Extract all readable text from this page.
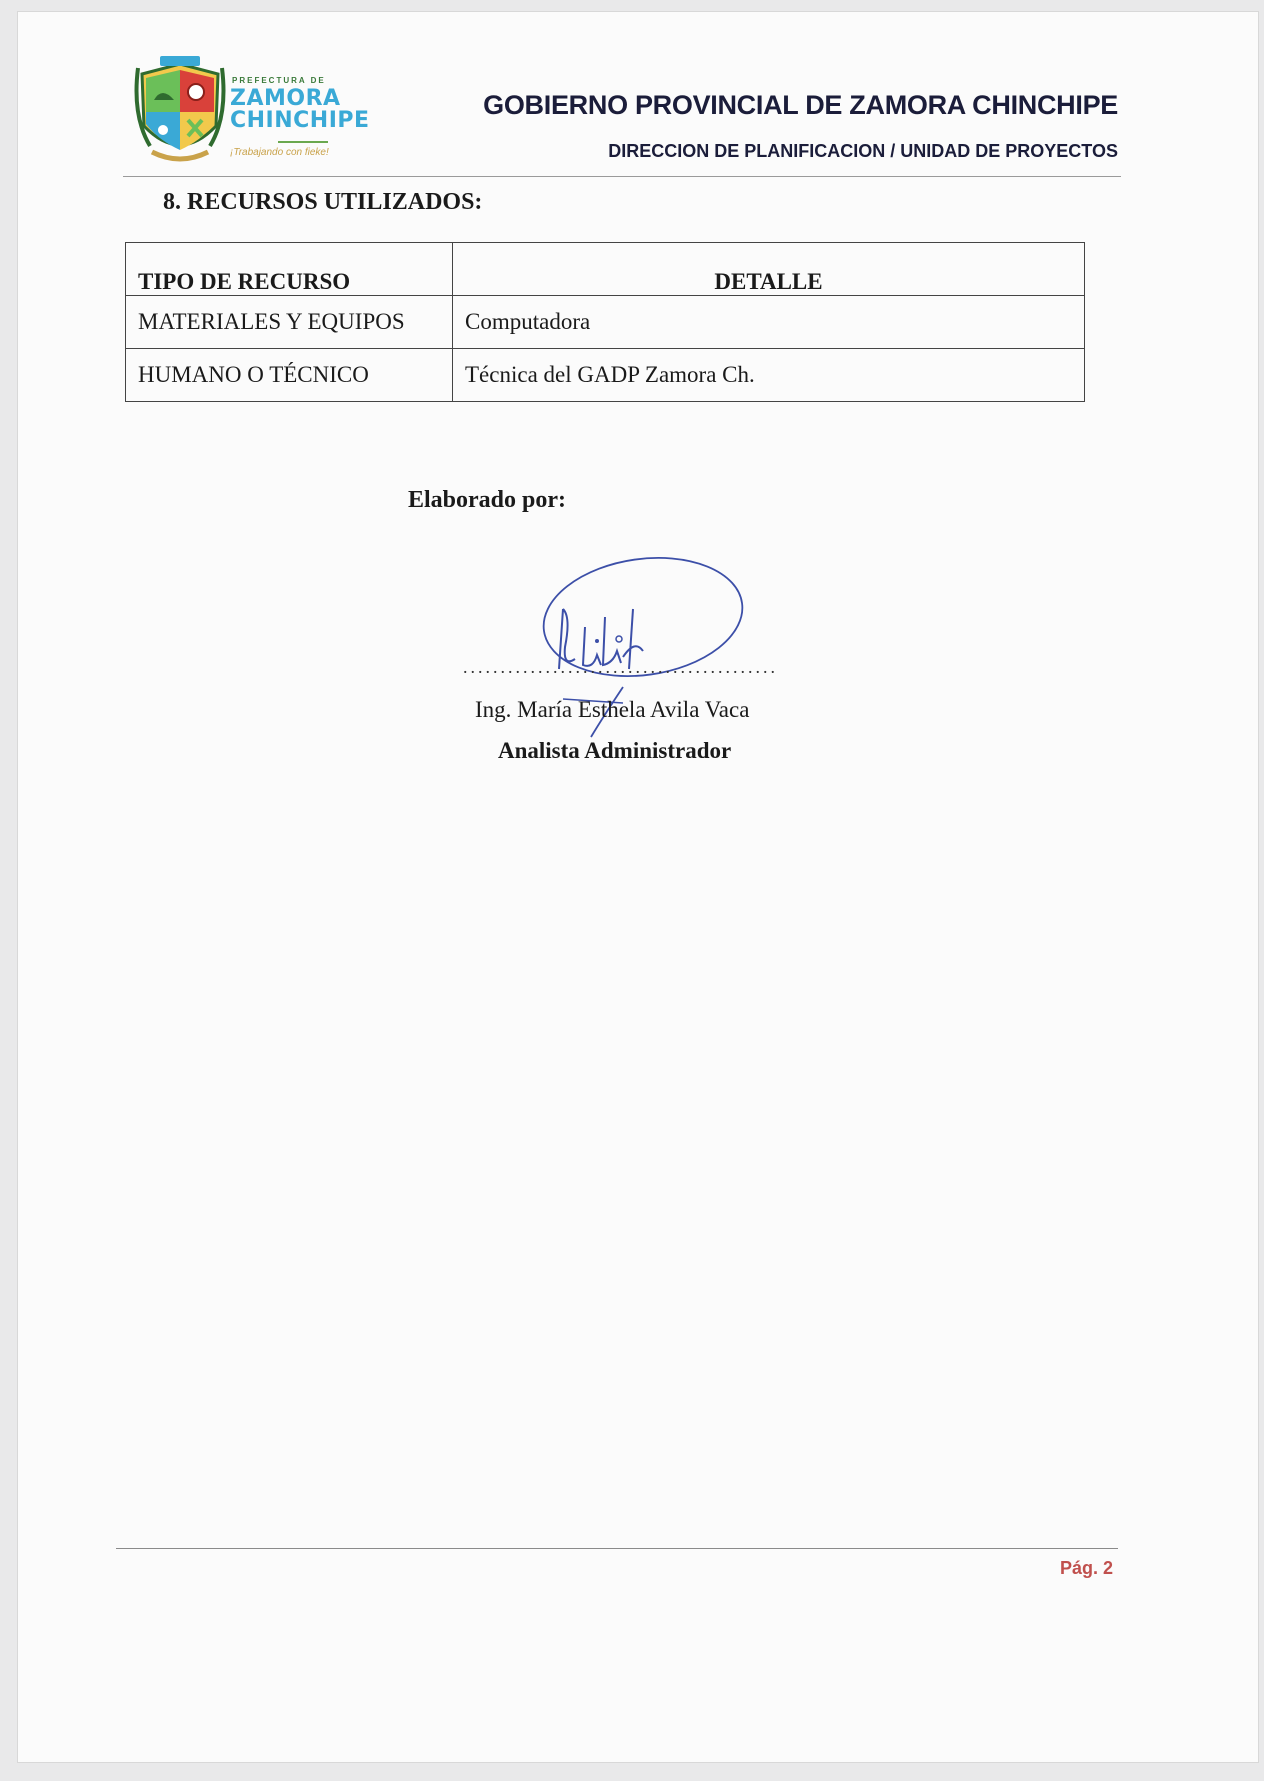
PREFECTURA DE
ZAMORA
CHINCHIPE
¡Trabajando con fieke!
GOBIERNO PROVINCIAL DE ZAMORA CHINCHIPE
DIRECCION DE PLANIFICACION / UNIDAD DE PROYECTOS
8. RECURSOS UTILIZADOS:
TIPO DE RECURSO	DETALLE
MATERIALES Y EQUIPOS	Computadora
HUMANO O TÉCNICO	Técnica del GADP Zamora Ch.
Elaborado por:
..........................................
Ing. María Esthela Avila Vaca
Analista Administrador
Pág. 2
